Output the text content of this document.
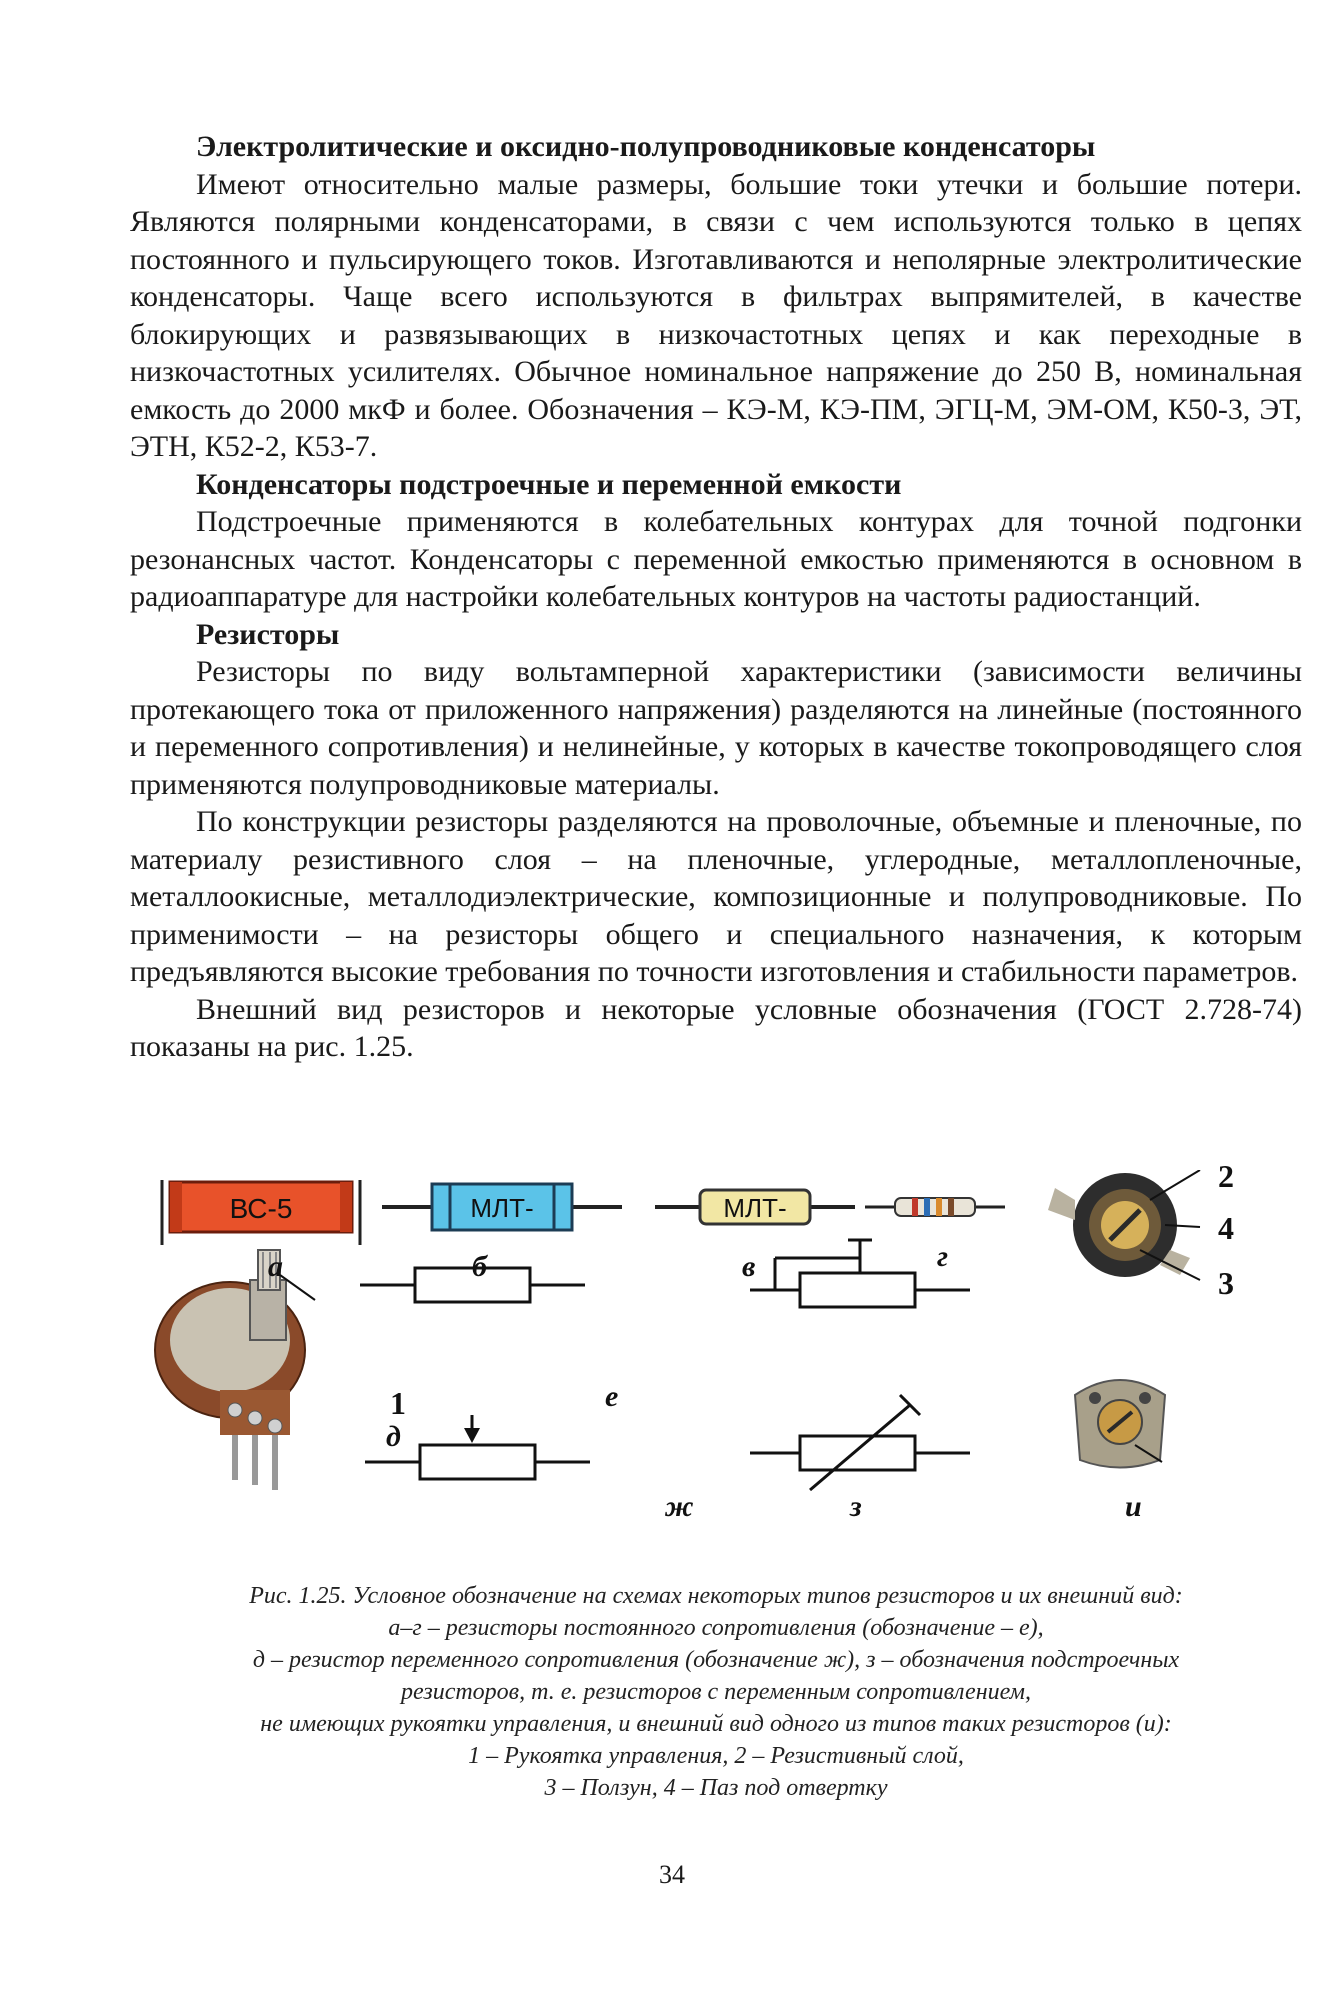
Электролитические и оксидно-полупроводниковые конденсаторы

Имеют относительно малые размеры, большие токи утечки и большие потери. Являются полярными конденсаторами, в связи с чем используются только в цепях постоянного и пульсирующего токов. Изготавливаются и неполярные электролитические конденсаторы. Чаще всего используются в фильтрах выпрямителей, в качестве блокирующих и развязывающих в низкочастотных цепях и как переходные в низкочастотных усилителях. Обычное номинальное напряжение до 250 В, номинальная емкость до 2000 мкФ и более. Обозначения – КЭ-М, КЭ-ПМ, ЭГЦ-М, ЭМ-ОМ, К50-3, ЭТ, ЭТН, К52-2, К53-7.

Конденсаторы подстроечные и переменной емкости

Подстроечные применяются в колебательных контурах для точной подгонки резонансных частот. Конденсаторы с переменной емкостью применяются в основном в радиоаппаратуре для настройки колебательных контуров на частоты радиостанций.

Резисторы

Резисторы по виду вольтамперной характеристики (зависимости величины протекающего тока от приложенного напряжения) разделяются на линейные (постоянного и переменного сопротивления) и нелинейные, у которых в качестве токопроводящего слоя применяются полупроводниковые материалы.

По конструкции резисторы разделяются на проволочные, объемные и пленочные, по материалу резистивного слоя – на пленочные, углеродные, металлопленочные, металлоокисные, металлодиэлектрические, композиционные и полупроводниковые. По применимости – на резисторы общего и специального назначения, к которым предъявляются высокие требования по точности изготовления и стабильности параметров.

Внешний вид резисторов и некоторые условные обозначения (ГОСТ 2.728-74) показаны на рис. 1.25.

ВС-5	МЛТ-	МЛТ-
а	б	в	г
д
е
ж	з	и
1
2
3
4
Рис. 1.25. Условное обозначение на схемах некоторых типов резисторов и их внешний вид:
а–г – резисторы постоянного сопротивления (обозначение – е),
д – резистор переменного сопротивления (обозначение ж), з – обозначения подстроечных
резисторов, т. е. резисторов с переменным сопротивлением,
не имеющих рукоятки управления, и внешний вид одного из типов таких резисторов (и):
1 – Рукоятка управления, 2 – Резистивный слой,
3 – Ползун, 4 – Паз под отвертку
34
